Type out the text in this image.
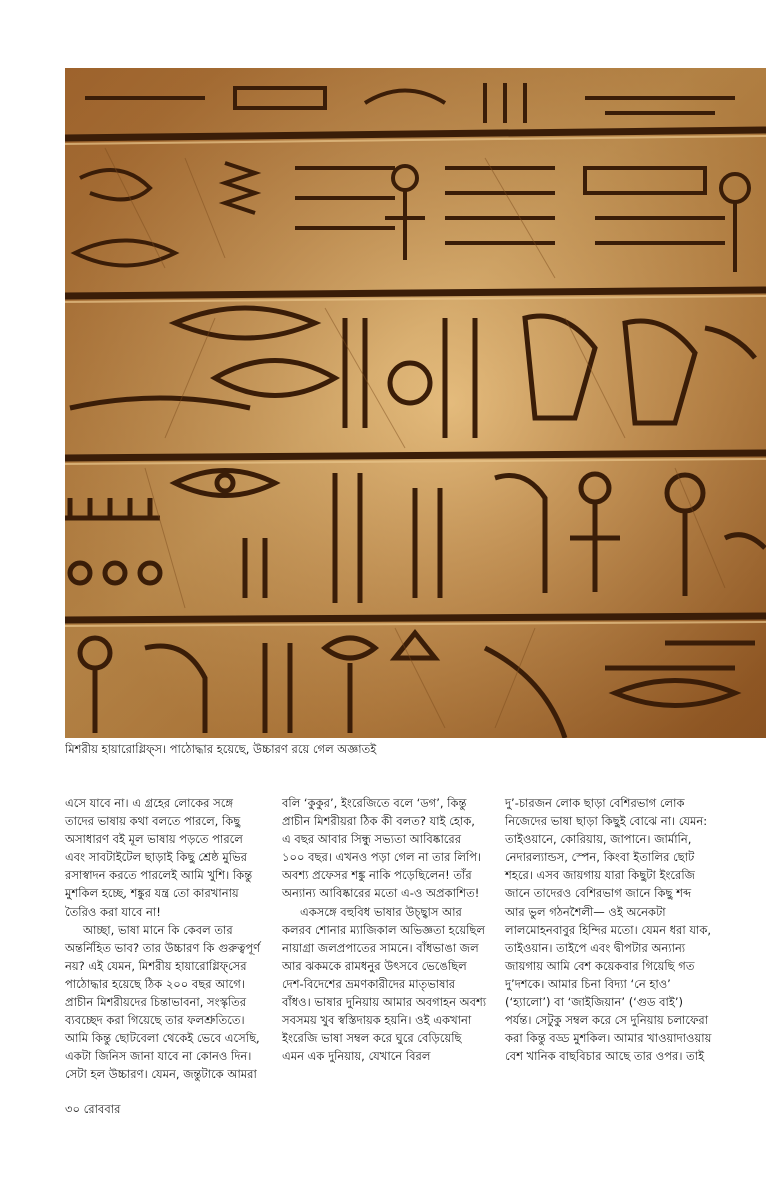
মিশরীয় হায়ারোগ্লিফ্‌স। পাঠোদ্ধার হয়েছে, উচ্চারণ রয়ে গেল অজ্ঞাতই

এসে যাবে না। এ গ্রহের লোকের সঙ্গে তাদের ভাষায় কথা বলতে পারলে, কিছু অসাধারণ বই মূল ভাষায় পড়তে পারলে এবং সাবটাইটেল ছাড়াই কিছু শ্রেষ্ঠ মুভির রসাস্বাদন করতে পারলেই আমি খুশি। কিন্তু মুশকিল হচ্ছে, শঙ্কুর যন্ত্র তো কারখানায় তৈরিও করা যাবে না!

আচ্ছা, ভাষা মানে কি কেবল তার অন্তর্নিহিত ভাব? তার উচ্চারণ কি গুরুত্বপূর্ণ নয়? এই যেমন, মিশরীয় হায়ারোগ্লিফ্‌সের পাঠোদ্ধার হয়েছে ঠিক ২০০ বছর আগে। প্রাচীন মিশরীয়দের চিন্তাভাবনা, সংস্কৃতির ব্যবচ্ছেদ করা গিয়েছে তার ফলশ্রুতিতে। আমি কিন্তু ছোটবেলা থেকেই ভেবে এসেছি, একটা জিনিস জানা যাবে না কোনও দিন। সেটা হল উচ্চারণ। যেমন, জন্তুটাকে আমরা

বলি ‘কুকুর’, ইংরেজিতে বলে ‘ডগ’, কিন্তু প্রাচীন মিশরীয়রা ঠিক কী বলত? যাই হোক, এ বছর আবার সিন্ধু সভ্যতা আবিষ্কারের ১০০ বছর। এখনও পড়া গেল না তার লিপি। অবশ্য প্রফেসর শঙ্কু নাকি পড়েছিলেন! তাঁর অন্যান্য আবিষ্কারের মতো এ-ও অপ্রকাশিত!

একসঙ্গে বহুবিধ ভাষার উচ্ছ্বাস আর কলরব শোনার ম্যাজিকাল অভিজ্ঞতা হয়েছিল নায়াগ্রা জলপ্রপাতের সামনে। বাঁধভাঙা জল আর ঝকমকে রামধনুর উৎসবে ভেঙেছিল দেশ-বিদেশের ভ্রমণকারীদের মাতৃভাষার বাঁধও। ভাষার দুনিয়ায় আমার অবগাহন অবশ্য সবসময় খুব স্বস্তিদায়ক হয়নি। ওই একখানা ইংরেজি ভাষা সম্বল করে ঘুরে বেড়িয়েছি এমন এক দুনিয়ায়, যেখানে বিরল

দু’-চারজন লোক ছাড়া বেশিরভাগ লোক নিজেদের ভাষা ছাড়া কিছুই বোঝে না। যেমন: তাইওয়ানে, কোরিয়ায়, জাপানে। জার্মানি, নেদারল্যান্ডস, স্পেন, কিংবা ইতালির ছোট শহরে। এসব জায়গায় যারা কিছুটা ইংরেজি জানে তাদেরও বেশিরভাগ জানে কিছু শব্দ আর ভুল গঠনশৈলী— ওই অনেকটা লালমোহনবাবুর হিন্দির মতো। যেমন ধরা যাক, তাইওয়ান। তাইপে এবং দ্বীপটার অন্যান্য জায়গায় আমি বেশ কয়েকবার গিয়েছি গত দু’দশকে। আমার চিনা বিদ্যা ‘নে হাও’ (‘হ্যালো’) বা ‘জাইজিয়ান’ (‘গুড বাই’) পর্যন্ত। সেটুকু সম্বল করে সে দুনিয়ায় চলাফেরা করা কিন্তু বড্ড মুশকিল। আমার খাওয়াদাওয়ায় বেশ খানিক বাছবিচার আছে তার ওপর। তাই

৩০ রোববার
